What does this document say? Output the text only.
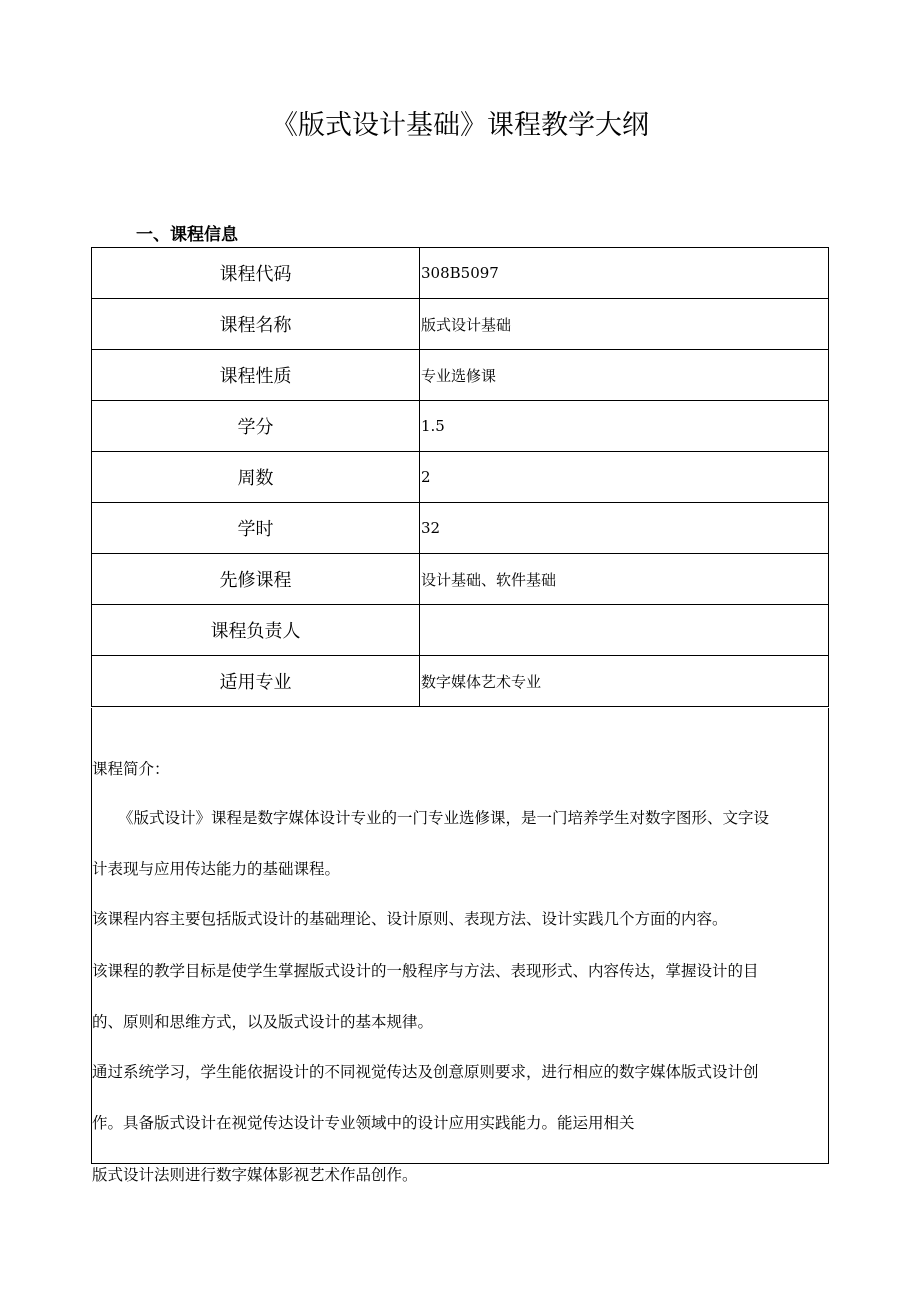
《版式设计基础》课程教学大纲
一、课程信息
课程代码	308B5097
课程名称	版式设计基础
课程性质	专业选修课
学分	1.5
周数	2
学时	32
先修课程	设计基础、软件基础
课程负责人	
适用专业	数字媒体艺术专业
课程简介：
《版式设计》课程是数字媒体设计专业的一门专业选修课，是一门培养学生对数字图形、文字设
计表现与应用传达能力的基础课程。
该课程内容主要包括版式设计的基础理论、设计原则、表现方法、设计实践几个方面的内容。
该课程的教学目标是使学生掌握版式设计的一般程序与方法、表现形式、内容传达，掌握设计的目
的、原则和思维方式，以及版式设计的基本规律。
通过系统学习，学生能依据设计的不同视觉传达及创意原则要求，进行相应的数字媒体版式设计创
作。具备版式设计在视觉传达设计专业领域中的设计应用实践能力。能运用相关
版式设计法则进行数字媒体影视艺术作品创作。
